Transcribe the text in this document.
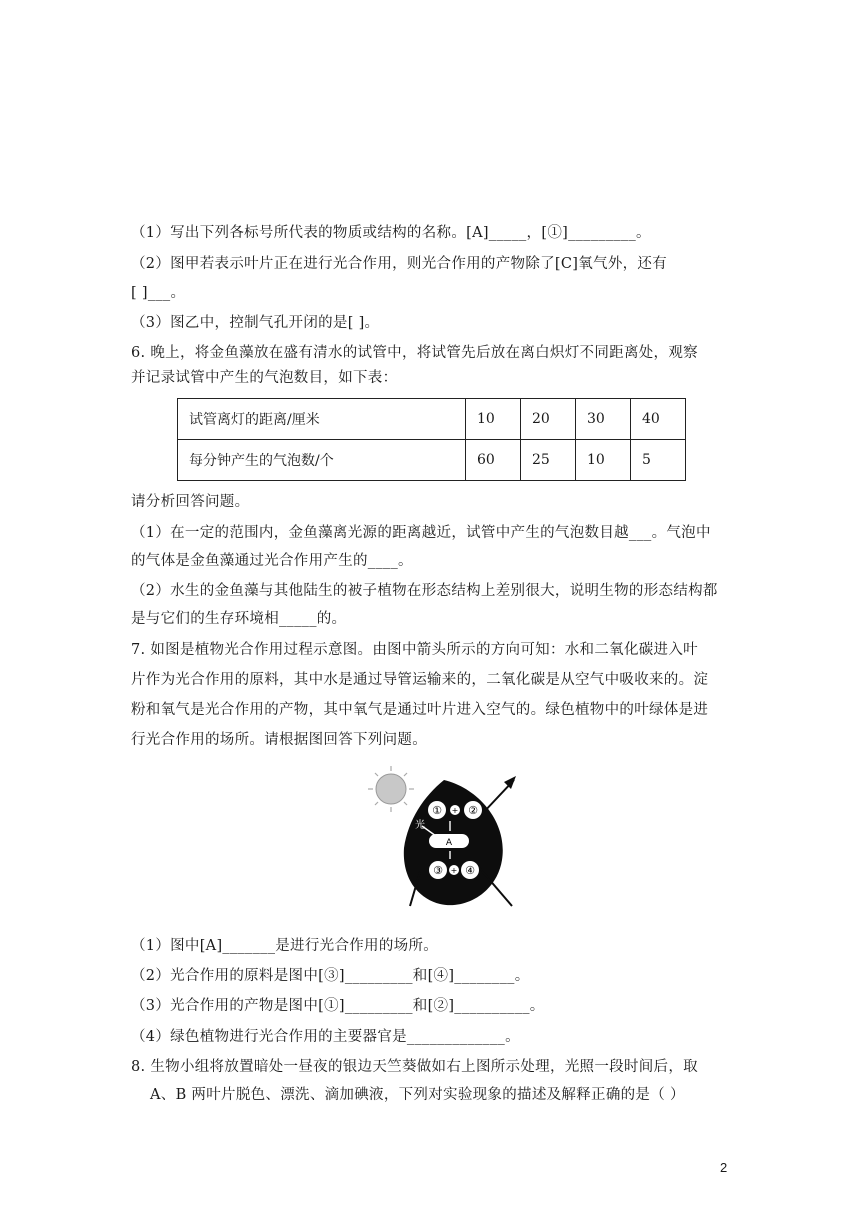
（1）写出下列各标号所代表的物质或结构的名称。[A]_____，[①]_________。
（2）图甲若表示叶片正在进行光合作用，则光合作用的产物除了[C]氧气外，还有
[ ]___。
（3）图乙中，控制气孔开闭的是[ ]。
6. 晚上，将金鱼藻放在盛有清水的试管中，将试管先后放在离白炽灯不同距离处，观察
并记录试管中产生的气泡数目，如下表：
试管离灯的距离/厘米	10	20	30	40
每分钟产生的气泡数/个	60	25	10	5
请分析回答问题。
（1）在一定的范围内，金鱼藻离光源的距离越近，试管中产生的气泡数目越___。气泡中
的气体是金鱼藻通过光合作用产生的____。
（2）水生的金鱼藻与其他陆生的被子植物在形态结构上差别很大，说明生物的形态结构都
是与它们的生存环境相_____的。
7. 如图是植物光合作用过程示意图。由图中箭头所示的方向可知：水和二氧化碳进入叶
片作为光合作用的原料，其中水是通过导管运输来的，二氧化碳是从空气中吸收来的。淀
粉和氧气是光合作用的产物，其中氧气是通过叶片进入空气的。绿色植物中的叶绿体是进
行光合作用的场所。请根据图回答下列问题。
光
A
① + ②
③ + ④
（1）图中[A]_______是进行光合作用的场所。
（2）光合作用的原料是图中[③]_________和[④]________。
（3）光合作用的产物是图中[①]_________和[②]__________。
（4）绿色植物进行光合作用的主要器官是_____________。
8. 生物小组将放置暗处一昼夜的银边天竺葵做如右上图所示处理，光照一段时间后，取
A、B 两叶片脱色、漂洗、滴加碘液，下列对实验现象的描述及解释正确的是（ ）
2
